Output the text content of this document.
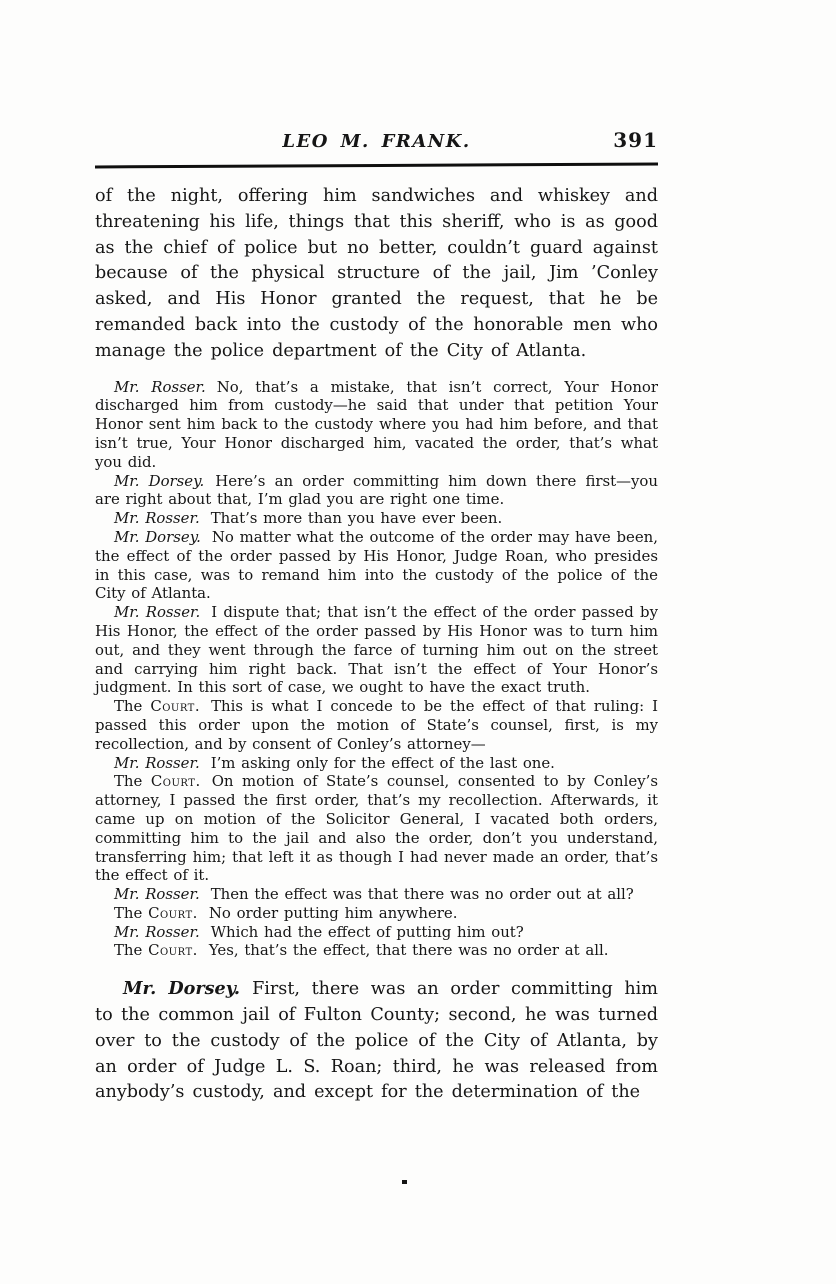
LEO M. FRANK.	391

of the night, offering him sandwiches and whiskey and threatening his life, things that this sheriff, who is as good as the chief of police but no better, couldn’t guard against because of the physical structure of the jail, Jim ’Conley asked, and His Honor granted the request, that he be remanded back into the custody of the honorable men who manage the police department of the City of Atlanta.

Mr. Rosser. No, that’s a mistake, that isn’t correct, Your Honor discharged him from custody—he said that under that petition Your Honor sent him back to the custody where you had him before, and that isn’t true, Your Honor discharged him, vacated the order, that’s what you did.

Mr. Dorsey. Here’s an order committing him down there first—you are right about that, I’m glad you are right one time.

Mr. Rosser. That’s more than you have ever been.

Mr. Dorsey. No matter what the outcome of the order may have been, the effect of the order passed by His Honor, Judge Roan, who presides in this case, was to remand him into the custody of the police of the City of Atlanta.

Mr. Rosser. I dispute that; that isn’t the effect of the order passed by His Honor, the effect of the order passed by His Honor was to turn him out, and they went through the farce of turning him out on the street and carrying him right back. That isn’t the effect of Your Honor’s judgment. In this sort of case, we ought to have the exact truth.

The Court. This is what I concede to be the effect of that ruling: I passed this order upon the motion of State’s counsel, first, is my recollection, and by consent of Conley’s attorney—

Mr. Rosser. I’m asking only for the effect of the last one.

The Court. On motion of State’s counsel, consented to by Conley’s attorney, I passed the first order, that’s my recollection. Afterwards, it came up on motion of the Solicitor General, I vacated both orders, committing him to the jail and also the order, don’t you understand, transferring him; that left it as though I had never made an order, that’s the effect of it.

Mr. Rosser. Then the effect was that there was no order out at all?

The Court. No order putting him anywhere.

Mr. Rosser. Which had the effect of putting him out?

The Court. Yes, that’s the effect, that there was no order at all.

Mr. Dorsey. First, there was an order committing him to the common jail of Fulton County; second, he was turned over to the custody of the police of the City of Atlanta, by an order of Judge L. S. Roan; third, he was released from anybody’s custody, and except for the determination of the
